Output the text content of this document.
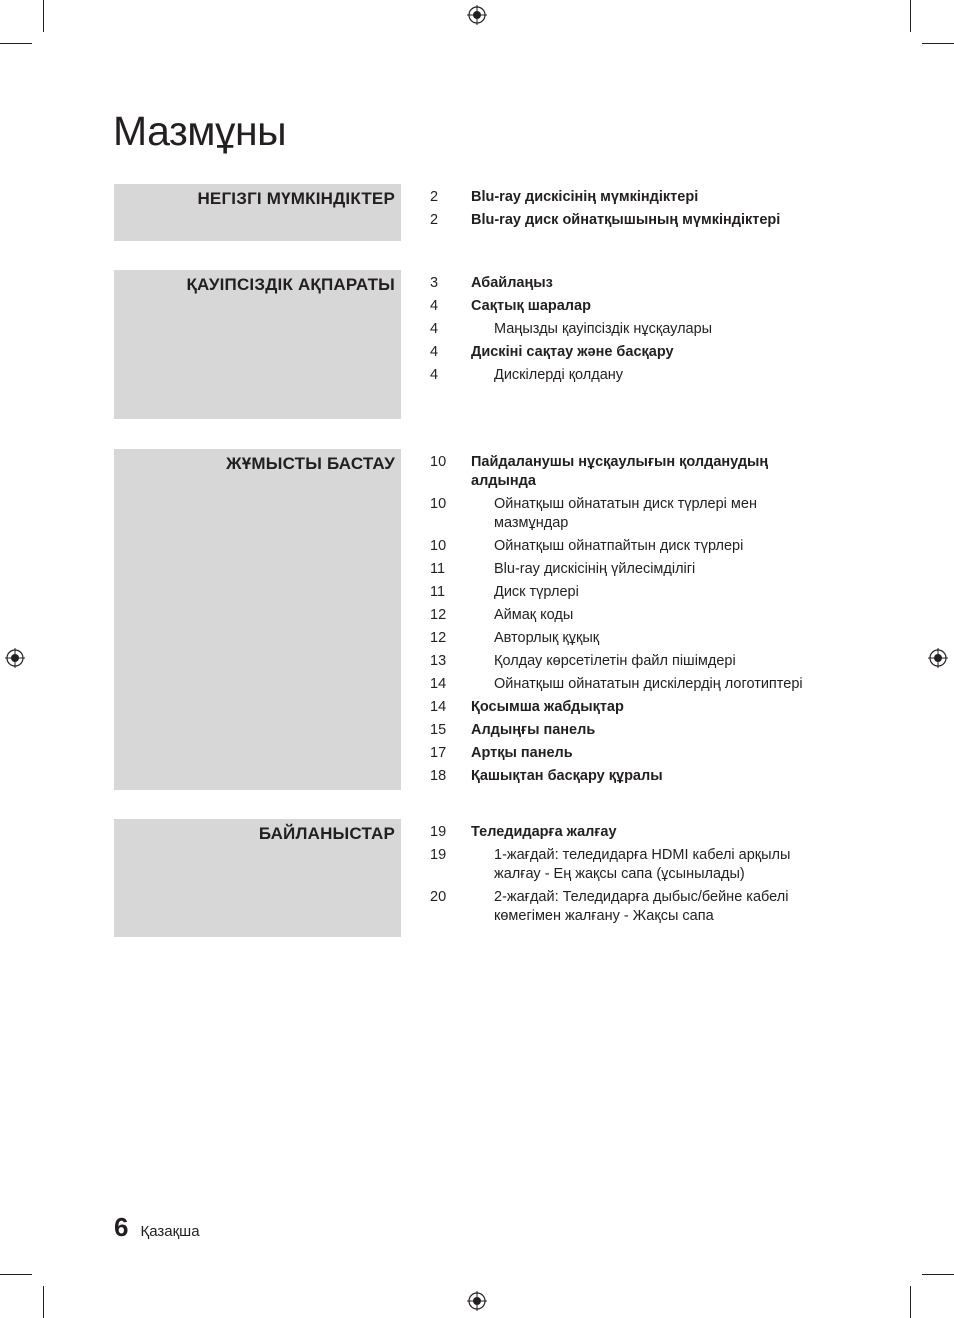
Мазмұны
НЕГІЗГІ МҮМКІНДІКТЕР 2	Blu-ray дискісінің мүмкіндіктері
2	Blu-ray диск ойнатқышының мүмкіндіктері
ҚАУІПСІЗДІК АҚПАРАТЫ 3	Абайлаңыз
4	Сақтық шаралар
4	Маңызды қауіпсіздік нұсқаулары
4	Дискіні сақтау және басқару
4	Дискілерді қолдану
ЖҰМЫСТЫ БАСТАУ 10	Пайдаланушы нұсқаулығын қолданудың алдында
10	Ойнатқыш ойнататын диск түрлері мен мазмұндар
10	Ойнатқыш ойнатпайтын диск түрлері
11	Blu-ray дискісінің үйлесімділігі
11	Диск түрлері
12	Аймақ коды
12	Авторлық құқық
13	Қолдау көрсетілетін файл пішімдері
14	Ойнатқыш ойнататын дискілердің логотиптері
14	Қосымша жабдықтар
15	Алдыңғы панель
17	Артқы панель
18	Қашықтан басқару құралы
БАЙЛАНЫСТАР 19	Теледидарға жалғау
19	1-жағдай: теледидарға HDMI кабелі арқылы жалғау - Ең жақсы сапа (ұсынылады)
20	2-жағдай: Теледидарға дыбыс/бейне кабелі көмегімен жалғану - Жақсы сапа
6 Қазақша
